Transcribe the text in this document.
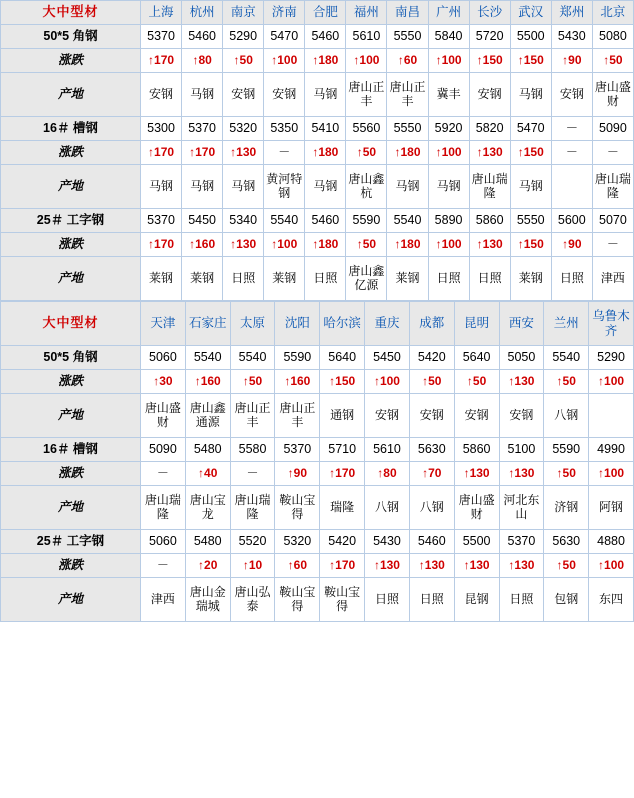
大中型材	上海	杭州	南京	济南	合肥	福州	南昌	广州	长沙	武汉	郑州	北京
50*5 角钢	5370	5460	5290	5470	5460	5610	5550	5840	5720	5500	5430	5080
涨跌	↑170	↑80	↑50	↑100	↑180	↑100	↑60	↑100	↑150	↑150	↑90	↑50
产地	安钢	马钢	安钢	安钢	马钢	唐山正丰	唐山正丰	冀丰	安钢	马钢	安钢	唐山盛财
16＃ 槽钢	5300	5370	5320	5350	5410	5560	5550	5920	5820	5470	－	5090
涨跌	↑170	↑170	↑130	－	↑180	↑50	↑180	↑100	↑130	↑150	－	－
产地	马钢	马钢	马钢	黄河特钢	马钢	唐山鑫杭	马钢	马钢	唐山瑞隆	马钢		唐山瑞隆
25＃ 工字钢	5370	5450	5340	5540	5460	5590	5540	5890	5860	5550	5600	5070
涨跌	↑170	↑160	↑130	↑100	↑180	↑50	↑180	↑100	↑130	↑150	↑90	－
产地	莱钢	莱钢	日照	莱钢	日照	唐山鑫亿源	莱钢	日照	日照	莱钢	日照	津西
大中型材	天津	石家庄	太原	沈阳	哈尔滨	重庆	成都	昆明	西安	兰州	乌鲁木齐
50*5 角钢	5060	5540	5540	5590	5640	5450	5420	5640	5050	5540	5290
涨跌	↑30	↑160	↑50	↑160	↑150	↑100	↑50	↑50	↑130	↑50	↑100
产地	唐山盛财	唐山鑫通源	唐山正丰	唐山正丰	通钢	安钢	安钢	安钢	安钢	八钢	
16＃ 槽钢	5090	5480	5580	5370	5710	5610	5630	5860	5100	5590	4990
涨跌	－	↑40	－	↑90	↑170	↑80	↑70	↑130	↑130	↑50	↑100
产地	唐山瑞隆	唐山宝龙	唐山瑞隆	鞍山宝得	瑞隆	八钢	八钢	唐山盛财	河北东山	济钢	阿钢
25＃ 工字钢	5060	5480	5520	5320	5420	5430	5460	5500	5370	5630	4880
涨跌	－	↑20	↑10	↑60	↑170	↑130	↑130	↑130	↑130	↑50	↑100
产地	津西	唐山金瑞城	唐山弘泰	鞍山宝得	鞍山宝得	日照	日照	昆钢	日照	包钢	东四
